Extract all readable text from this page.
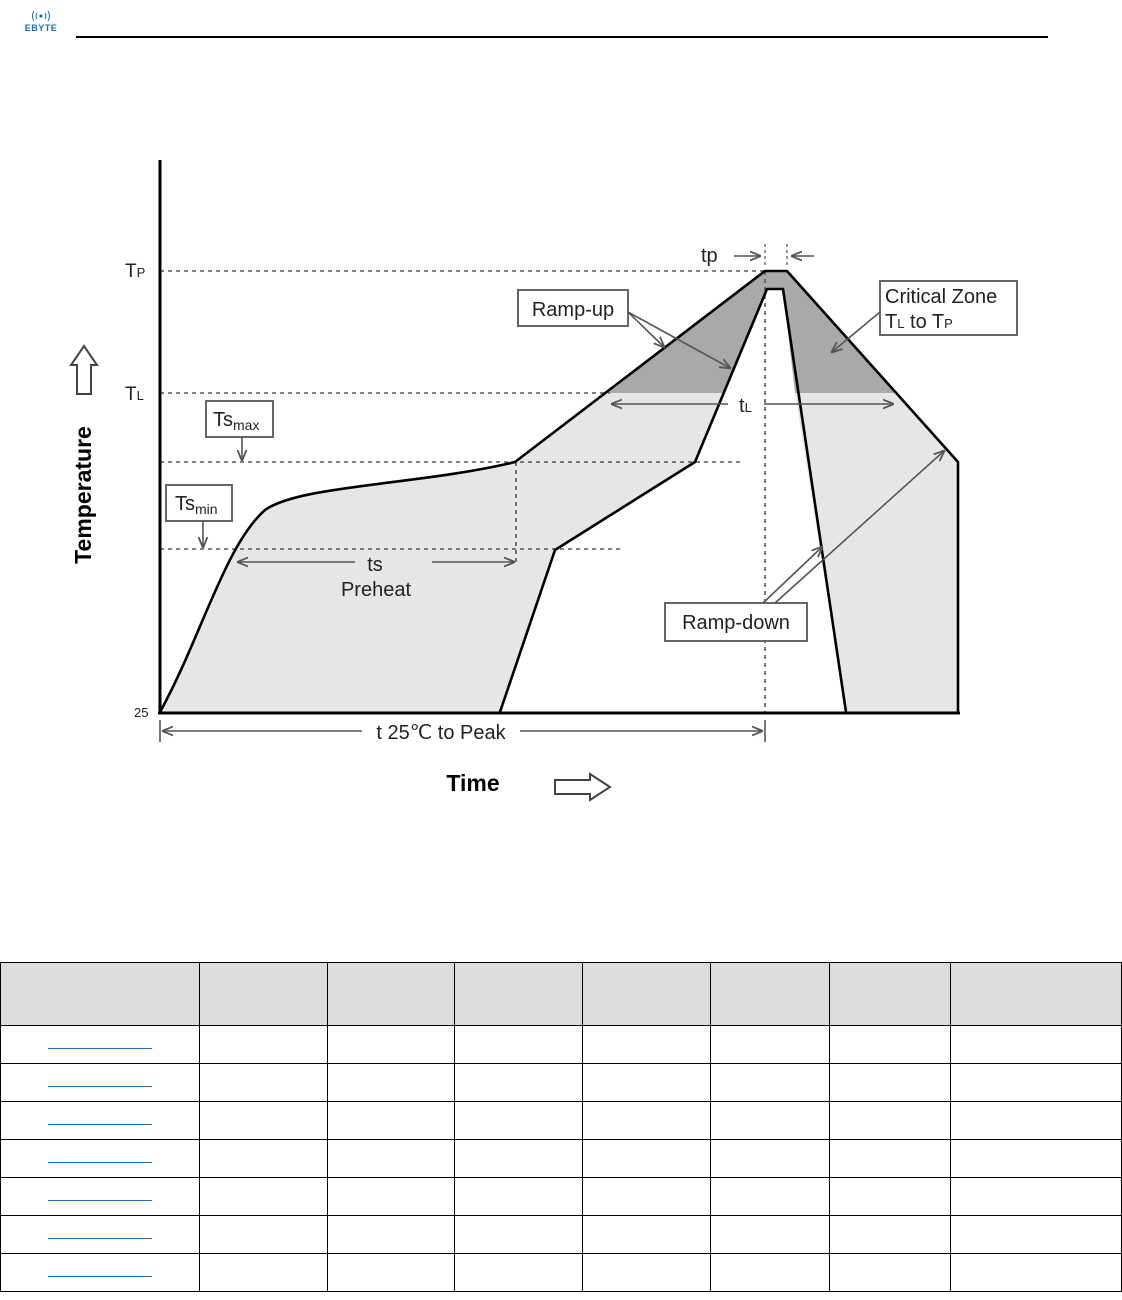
EBYTE
TP
TL
25
tp
Ramp-up
Critical Zone
TL to TP
tL
$Ts_{max}$
$Ts_{min}$
ts
Preheat
Ramp-down
t 25℃ to Peak
Temperature
Time
